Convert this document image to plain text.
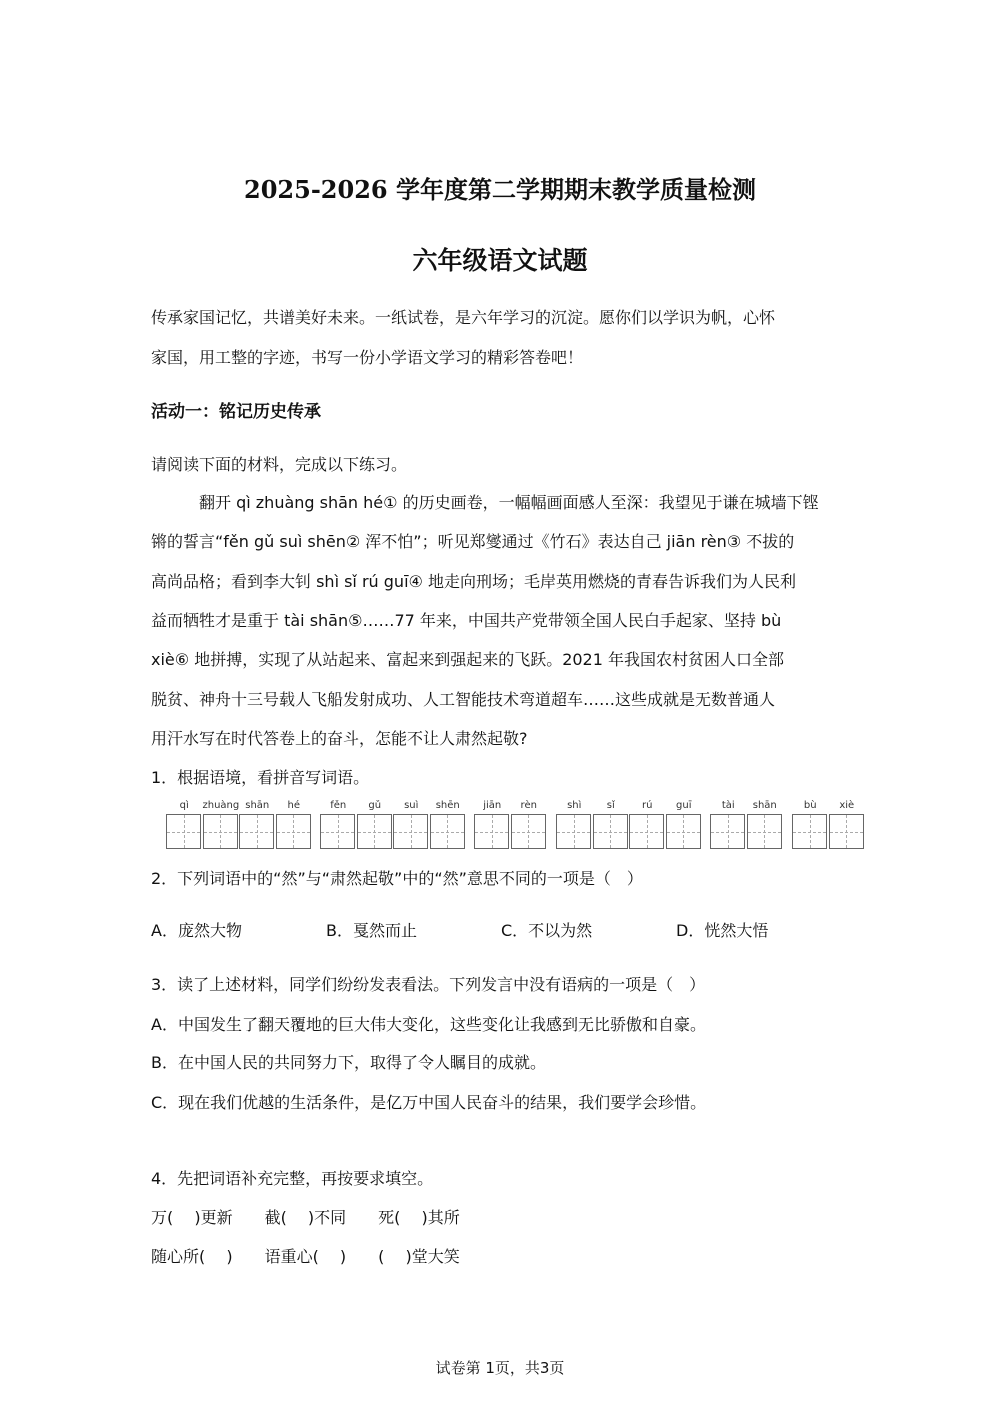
2025-2026 学年度第二学期期末教学质量检测
六年级语文试题
传承家国记忆，共谱美好未来。一纸试卷，是六年学习的沉淀。愿你们以学识为帆，心怀
家国，用工整的字迹，书写一份小学语文学习的精彩答卷吧！
活动一：铭记历史传承
请阅读下面的材料，完成以下练习。
翻开 qì zhuàng shān hé① 的历史画卷，一幅幅画面感人至深：我望见于谦在城墙下铿
锵的誓言“fěn gǔ suì shēn② 浑不怕”；听见郑燮通过《竹石》表达自己 jiān rèn③ 不拔的
高尚品格；看到李大钊 shì sǐ rú guī④ 地走向刑场；毛岸英用燃烧的青春告诉我们为人民利
益而牺牲才是重于 tài shān⑤……77 年来，中国共产党带领全国人民白手起家、坚持 bù
xiè⑥ 地拼搏，实现了从站起来、富起来到强起来的飞跃。2021 年我国农村贫困人口全部
脱贫、神舟十三号载人飞船发射成功、人工智能技术弯道超车……这些成就是无数普通人
用汗水写在时代答卷上的奋斗，怎能不让人肃然起敬?
1．根据语境，看拼音写词语。
qì	zhuàng shān	hé	fěn	gǔ	suì	shēn	jiān	rèn	shì	sǐ	rú	guī	tài	shān	bù	xiè
2．下列词语中的“然”与“肃然起敬”中的“然”意思不同的一项是（　）
A．庞然大物	B．戛然而止	C．不以为然	D．恍然大悟
3．读了上述材料，同学们纷纷发表看法。下列发言中没有语病的一项是（　）
A．中国发生了翻天覆地的巨大伟大变化，这些变化让我感到无比骄傲和自豪。
B．在中国人民的共同努力下，取得了令人瞩目的成就。
C．现在我们优越的生活条件，是亿万中国人民奋斗的结果，我们要学会珍惜。
4．先把词语补充完整，再按要求填空。
万(　 )更新　　截(　 )不同　　死(　 )其所
随心所(　 )　　语重心(　 )　　(　 )堂大笑
试卷第 1页，共3页
